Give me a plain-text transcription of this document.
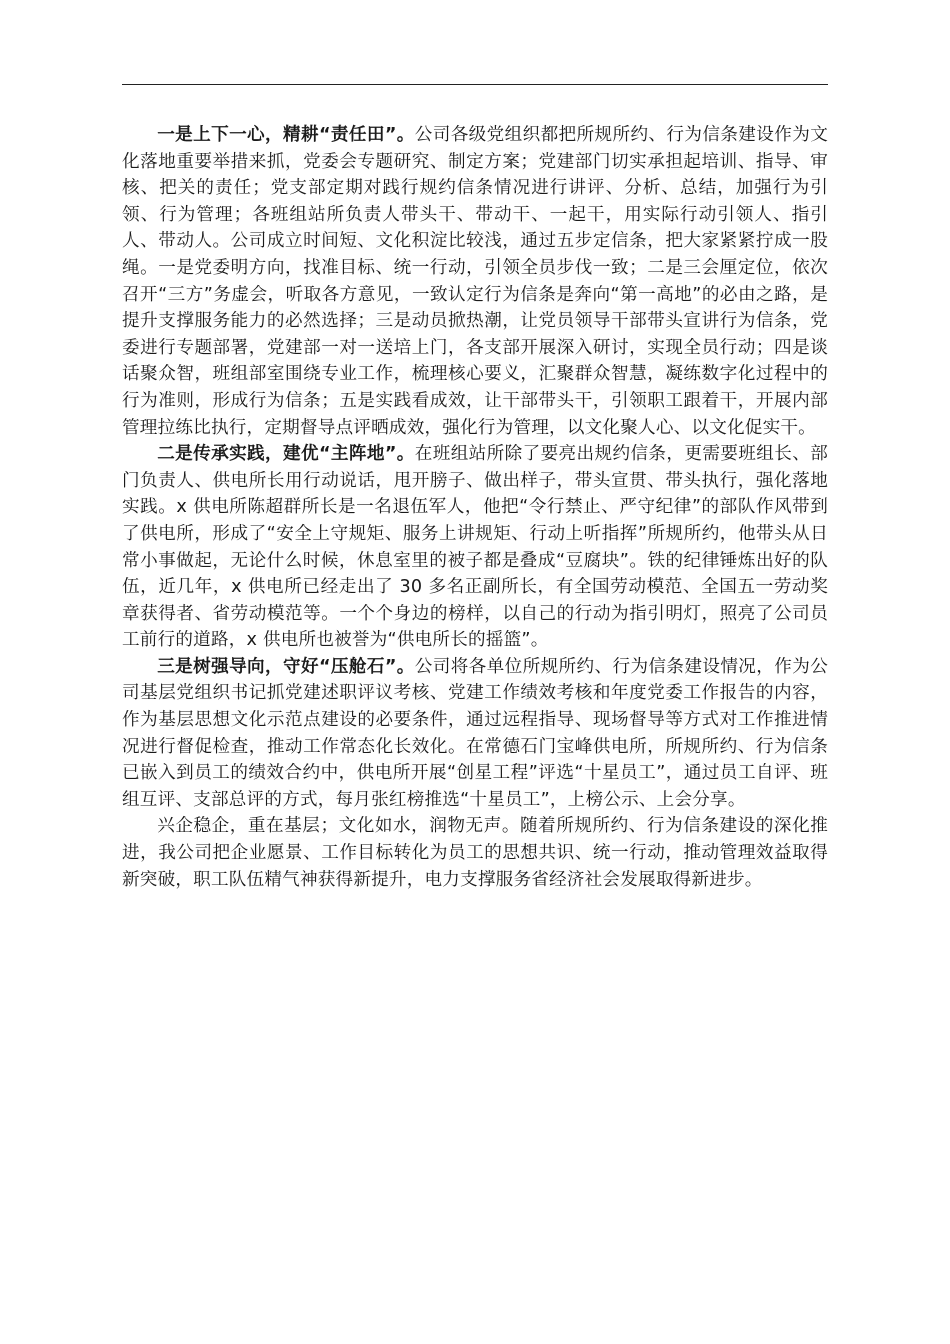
一是上下一心，精耕“责任田”。公司各级党组织都把所规所约、行为信条建设作为文化落地重要举措来抓，党委会专题研究、制定方案；党建部门切实承担起培训、指导、审核、把关的责任；党支部定期对践行规约信条情况进行讲评、分析、总结，加强行为引领、行为管理；各班组站所负责人带头干、带动干、一起干，用实际行动引领人、指引人、带动人。公司成立时间短、文化积淀比较浅，通过五步定信条，把大家紧紧拧成一股绳。一是党委明方向，找准目标、统一行动，引领全员步伐一致；二是三会厘定位，依次召开“三方”务虚会，听取各方意见，一致认定行为信条是奔向“第一高地”的必由之路，是提升支撑服务能力的必然选择；三是动员掀热潮，让党员领导干部带头宣讲行为信条，党委进行专题部署，党建部一对一送培上门，各支部开展深入研讨，实现全员行动；四是谈话聚众智，班组部室围绕专业工作，梳理核心要义，汇聚群众智慧，凝练数字化过程中的行为准则，形成行为信条；五是实践看成效，让干部带头干，引领职工跟着干，开展内部管理拉练比执行，定期督导点评晒成效，强化行为管理，以文化聚人心、以文化促实干。

二是传承实践，建优“主阵地”。在班组站所除了要亮出规约信条，更需要班组长、部门负责人、供电所长用行动说话，甩开膀子、做出样子，带头宣贯、带头执行，强化落地实践。x 供电所陈超群所长是一名退伍军人，他把“令行禁止、严守纪律”的部队作风带到了供电所，形成了“安全上守规矩、服务上讲规矩、行动上听指挥”所规所约，他带头从日常小事做起，无论什么时候，休息室里的被子都是叠成“豆腐块”。铁的纪律锤炼出好的队伍，近几年，x 供电所已经走出了 30 多名正副所长，有全国劳动模范、全国五一劳动奖章获得者、省劳动模范等。一个个身边的榜样，以自己的行动为指引明灯，照亮了公司员工前行的道路，x 供电所也被誉为“供电所长的摇篮”。

三是树强导向，守好“压舱石”。公司将各单位所规所约、行为信条建设情况，作为公司基层党组织书记抓党建述职评议考核、党建工作绩效考核和年度党委工作报告的内容，作为基层思想文化示范点建设的必要条件，通过远程指导、现场督导等方式对工作推进情况进行督促检查，推动工作常态化长效化。在常德石门宝峰供电所，所规所约、行为信条已嵌入到员工的绩效合约中，供电所开展“创星工程”评选“十星员工”，通过员工自评、班组互评、支部总评的方式，每月张红榜推选“十星员工”，上榜公示、上会分享。

兴企稳企，重在基层；文化如水，润物无声。随着所规所约、行为信条建设的深化推进，我公司把企业愿景、工作目标转化为员工的思想共识、统一行动，推动管理效益取得新突破，职工队伍精气神获得新提升，电力支撑服务省经济社会发展取得新进步。
